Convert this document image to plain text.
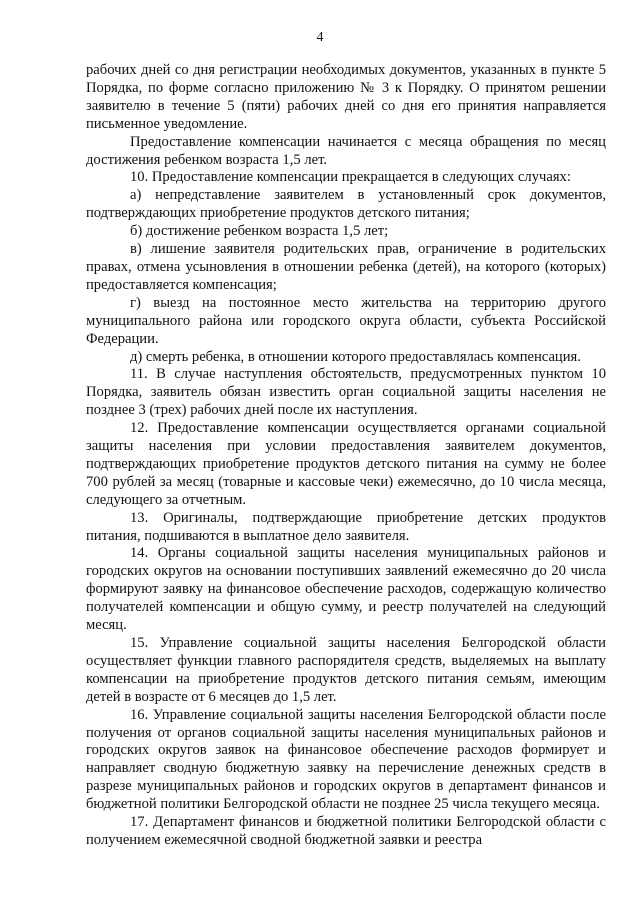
4

рабочих дней со дня регистрации необходимых документов, указанных в пункте 5 Порядка, по форме согласно приложению № 3 к Порядку. О принятом решении заявителю в течение 5 (пяти) рабочих дней со дня его принятия направляется письменное уведомление.

Предоставление компенсации начинается с месяца обращения по месяц достижения ребенком возраста 1,5 лет.

10. Предоставление компенсации прекращается в следующих случаях:

а) непредставление заявителем в установленный срок документов, подтверждающих приобретение продуктов детского питания;

б) достижение ребенком возраста 1,5 лет;

в) лишение заявителя родительских прав, ограничение в родительских правах, отмена усыновления в отношении ребенка (детей), на которого (которых) предоставляется компенсация;

г) выезд на постоянное место жительства на территорию другого муниципального района или городского округа области, субъекта Российской Федерации.

д) смерть ребенка, в отношении которого предоставлялась компенсация.

11. В случае наступления обстоятельств, предусмотренных пунктом 10 Порядка, заявитель обязан известить орган социальной защиты населения не позднее 3 (трех) рабочих дней после их наступления.

12. Предоставление компенсации осуществляется органами социальной защиты населения при условии предоставления заявителем документов, подтверждающих приобретение продуктов детского питания на сумму не более 700 рублей за месяц (товарные и кассовые чеки) ежемесячно, до 10 числа месяца, следующего за отчетным.

13. Оригиналы, подтверждающие приобретение детских продуктов питания, подшиваются в выплатное дело заявителя.

14. Органы социальной защиты населения муниципальных районов и городских округов на основании поступивших заявлений ежемесячно до 20 числа формируют заявку на финансовое обеспечение расходов, содержащую количество получателей компенсации и общую сумму, и реестр получателей на следующий месяц.

15. Управление социальной защиты населения Белгородской области осуществляет функции главного распорядителя средств, выделяемых на выплату компенсации на приобретение продуктов детского питания семьям, имеющим детей в возрасте от 6 месяцев до 1,5 лет.

16. Управление социальной защиты населения Белгородской области после получения от органов социальной защиты населения муниципальных районов и городских округов заявок на финансовое обеспечение расходов формирует и направляет сводную бюджетную заявку на перечисление денежных средств в разрезе муниципальных районов и городских округов в департамент финансов и бюджетной политики Белгородской области не позднее 25 числа текущего месяца.

17. Департамент финансов и бюджетной политики Белгородской области с получением ежемесячной сводной бюджетной заявки и реестра
